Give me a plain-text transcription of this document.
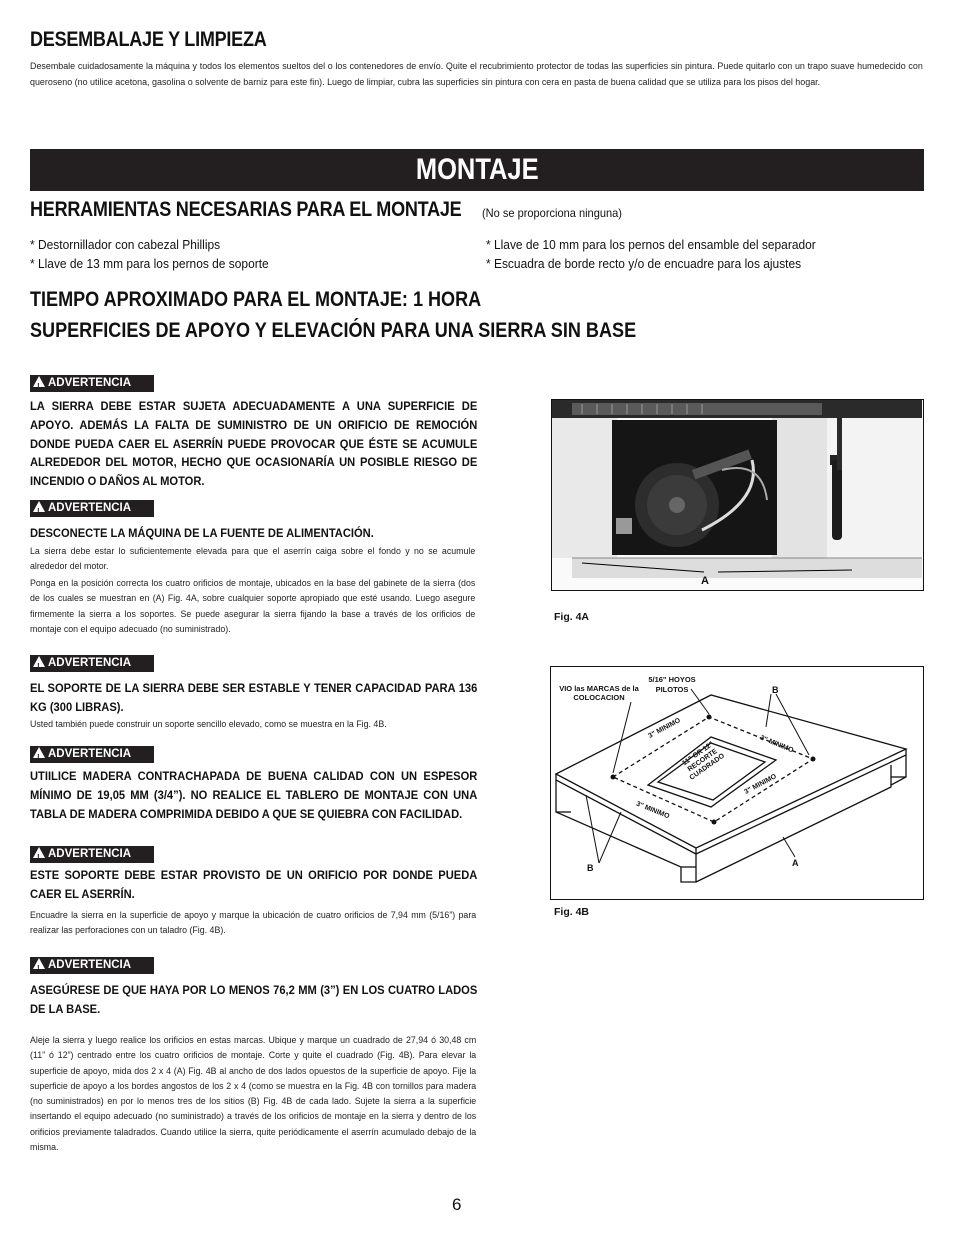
DESEMBALAJE Y LIMPIEZA
Desembale cuidadosamente la máquina y todos los elementos sueltos del o los contenedores de envío. Quite el recubrimiento protector de todas las superficies sin pintura. Puede quitarlo con un trapo suave humedecido con queroseno (no utilice acetona, gasolina o solvente de barniz para este fin). Luego de limpiar, cubra las superficies sin pintura con cera en pasta de buena calidad que se utiliza para los pisos del hogar.
MONTAJE
HERRAMIENTAS NECESARIAS PARA EL MONTAJE	(No se proporciona ninguna)
* Destornillador con cabezal Phillips
* Llave de 13 mm para los pernos de soporte
* Llave de 10 mm para los pernos del ensamble del separador
* Escuadra de borde recto y/o de encuadre para los ajustes
TIEMPO APROXIMADO PARA EL MONTAJE: 1 HORA
SUPERFICIES DE APOYO Y ELEVACIÓN PARA UNA SIERRA SIN BASE
! ADVERTENCIA
LA SIERRA DEBE ESTAR SUJETA ADECUADAMENTE A UNA SUPERFICIE DE APOYO. ADEMÁS LA FALTA DE SUMINISTRO DE UN ORIFICIO DE REMOCIÓN DONDE PUEDA CAER EL ASERRÍN PUEDE PROVOCAR QUE ÉSTE SE ACUMULE ALREDEDOR DEL MOTOR, HECHO QUE OCASIONARÍA UN POSIBLE RIESGO DE INCENDIO O DAÑOS AL MOTOR.
! ADVERTENCIA
DESCONECTE LA MÁQUINA DE LA FUENTE DE ALIMENTACIÓN.
La sierra debe estar lo suficientemente elevada para que el aserrín caiga sobre el fondo y no se acumule alrededor del motor.
Ponga en la posición correcta los cuatro orificios de montaje, ubicados en la base del gabinete de la sierra (dos de los cuales se muestran en (A) Fig. 4A, sobre cualquier soporte apropiado que esté usando. Luego asegure firmemente la sierra a los soportes. Se puede asegurar la sierra fijando la base a través de los orificios de montaje con el equipo adecuado (no suministrado).
! ADVERTENCIA
EL SOPORTE DE LA SIERRA DEBE SER ESTABLE Y TENER CAPACIDAD PARA 136 KG (300 LIBRAS).
Usted también puede construir un soporte sencillo elevado, como se muestra en la Fig. 4B.
! ADVERTENCIA
UTIILICE MADERA CONTRACHAPADA DE BUENA CALIDAD CON UN ESPESOR MÍNIMO DE 19,05 MM (3/4”). NO REALICE EL TABLERO DE MONTAJE CON UNA TABLA DE MADERA COMPRIMIDA DEBIDO A QUE SE QUIEBRA CON FACILIDAD.
! ADVERTENCIA
ESTE SOPORTE DEBE ESTAR PROVISTO DE UN ORIFICIO POR DONDE PUEDA CAER EL ASERRÍN.
Encuadre la sierra en la superficie de apoyo y marque la ubicación de cuatro orificios de 7,94 mm (5/16”) para realizar las perforaciones con un taladro (Fig. 4B).
! ADVERTENCIA
ASEGÚRESE DE QUE HAYA POR LO MENOS 76,2 MM (3”) EN LOS CUATRO LADOS DE LA BASE.
Aleje la sierra y luego realice los orificios en estas marcas. Ubique y marque un cuadrado de 27,94 ó 30,48 cm (11” ó 12”) centrado entre los cuatro orificios de montaje. Corte y quite el cuadrado (Fig. 4B). Para elevar la superficie de apoyo, mida dos 2 x 4 (A) Fig. 4B al ancho de dos lados opuestos de la superficie de apoyo. Fije la superficie de apoyo a los bordes angostos de los 2 x 4 (como se muestra en la Fig. 4B con tornillos para madera (no suministrados) en por lo menos tres de los sitios (B) Fig. 4B de cada lado. Sujete la sierra a la superficie insertando el equipo adecuado (no suministrado) a través de los orificios de montaje en la sierra y dentro de los orificios previamente taladrados. Cuando utilice la sierra, quite periódicamente el aserrín acumulado debajo de la misma.
A
Fig. 4A
VIO las MARCAS de la COLOCACION
5/16" HOYOS PILOTOS	B
B	A
3" MINIMO
3" MINIMO
3" MINIMO
3" MINIMO
11" OR 12" RECORTE CUADRADO
Fig. 4B
6
